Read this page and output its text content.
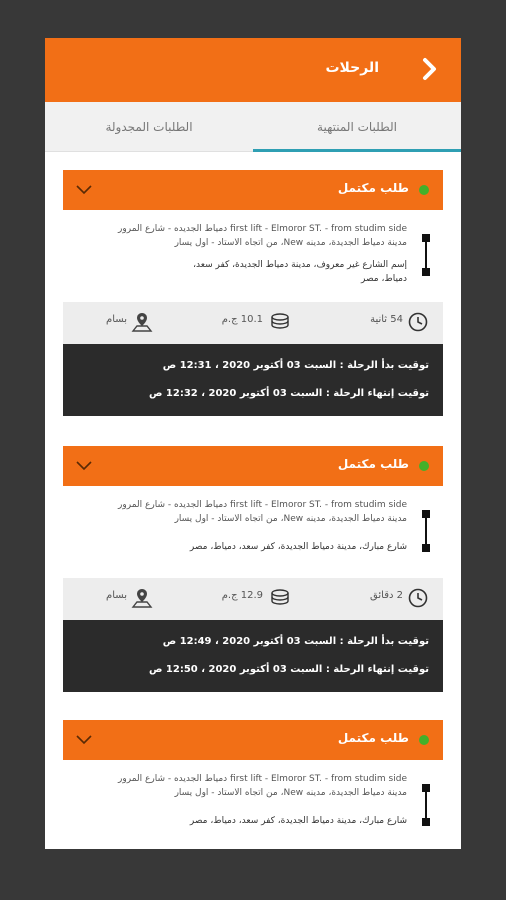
الرحلات
الطلبات المنتهية
الطلبات المجدولة
طلب مكتمل
first lift - Elmoror ST. - from studim side دمياط الجديده - شارع المرور
مدينة دمياط الجديدة، مدينه New، من اتجاه الاستاد - اول يسار
إسم الشارع غير معروف، مدينة دمياط الجديدة، كفر سعد،
دمياط، مصر
54 ثانية
10.1 ج.م
بسام
توقيت بدأ الرحلة : السبت 03 أكتوبر 2020 ، 12:31 ص
توقيت إنتهاء الرحلة : السبت 03 أكتوبر 2020 ، 12:32 ص
طلب مكتمل
first lift - Elmoror ST. - from studim side دمياط الجديده - شارع المرور
مدينة دمياط الجديدة، مدينه New، من اتجاه الاستاد - اول يسار
شارع مبارك، مدينة دمياط الجديدة، كفر سعد، دمياط، مصر
2 دقائق
12.9 ج.م
بسام
توقيت بدأ الرحلة : السبت 03 أكتوبر 2020 ، 12:49 ص
توقيت إنتهاء الرحلة : السبت 03 أكتوبر 2020 ، 12:50 ص
طلب مكتمل
first lift - Elmoror ST. - from studim side دمياط الجديده - شارع المرور
مدينة دمياط الجديدة، مدينه New، من اتجاه الاستاد - اول يسار
شارع مبارك، مدينة دمياط الجديدة، كفر سعد، دمياط، مصر
